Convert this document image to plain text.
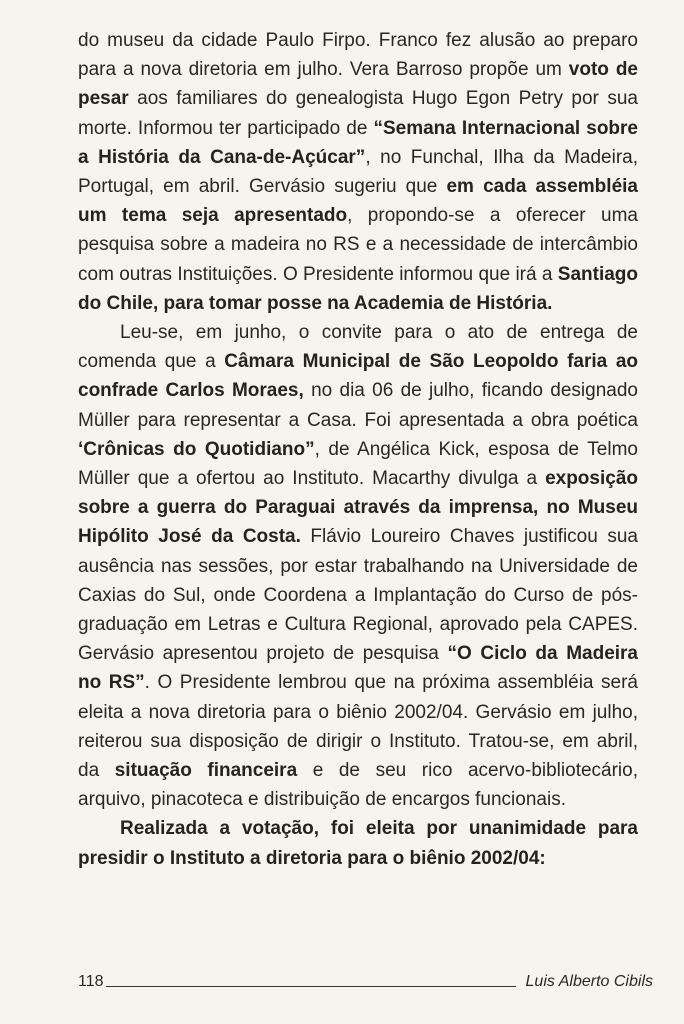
do museu da cidade Paulo Firpo. Franco fez alusão ao preparo para a nova diretoria em julho. Vera Barroso propõe um voto de pesar aos familiares do genealogista Hugo Egon Petry por sua morte. Informou ter participado de “Semana Internacional sobre a História da Cana-de-Açúcar”, no Funchal, Ilha da Madeira, Portugal, em abril. Gervásio sugeriu que em cada assembléia um tema seja apresentado, propondo-se a oferecer uma pesquisa sobre a madeira no RS e a necessidade de intercâmbio com outras Instituições. O Presidente informou que irá a Santiago do Chile, para tomar posse na Academia de História.

Leu-se, em junho, o convite para o ato de entrega de comenda que a Câmara Municipal de São Leopoldo faria ao confrade Carlos Moraes, no dia 06 de julho, ficando designado Müller para representar a Casa. Foi apresentada a obra poética ‘Crônicas do Quotidiano”, de Angélica Kick, esposa de Telmo Müller que a ofertou ao Instituto. Macarthy divulga a exposição sobre a guerra do Paraguai através da imprensa, no Museu Hipólito José da Costa. Flávio Loureiro Chaves justificou sua ausência nas sessões, por estar trabalhando na Universidade de Caxias do Sul, onde Coordena a Implantação do Curso de pós-graduação em Letras e Cultura Regional, aprovado pela CAPES. Gervásio apresentou projeto de pesquisa “O Ciclo da Madeira no RS”. O Presidente lembrou que na próxima assembléia será eleita a nova diretoria para o biênio 2002/04. Gervásio em julho, reiterou sua disposição de dirigir o Instituto. Tratou-se, em abril, da situação financeira e de seu rico acervo-bibliotecário, arquivo, pinacoteca e distribuição de encargos funcionais.

Realizada a votação, foi eleita por unanimidade para presidir o Instituto a diretoria para o biênio 2002/04:

118	Luis Alberto Cibils
